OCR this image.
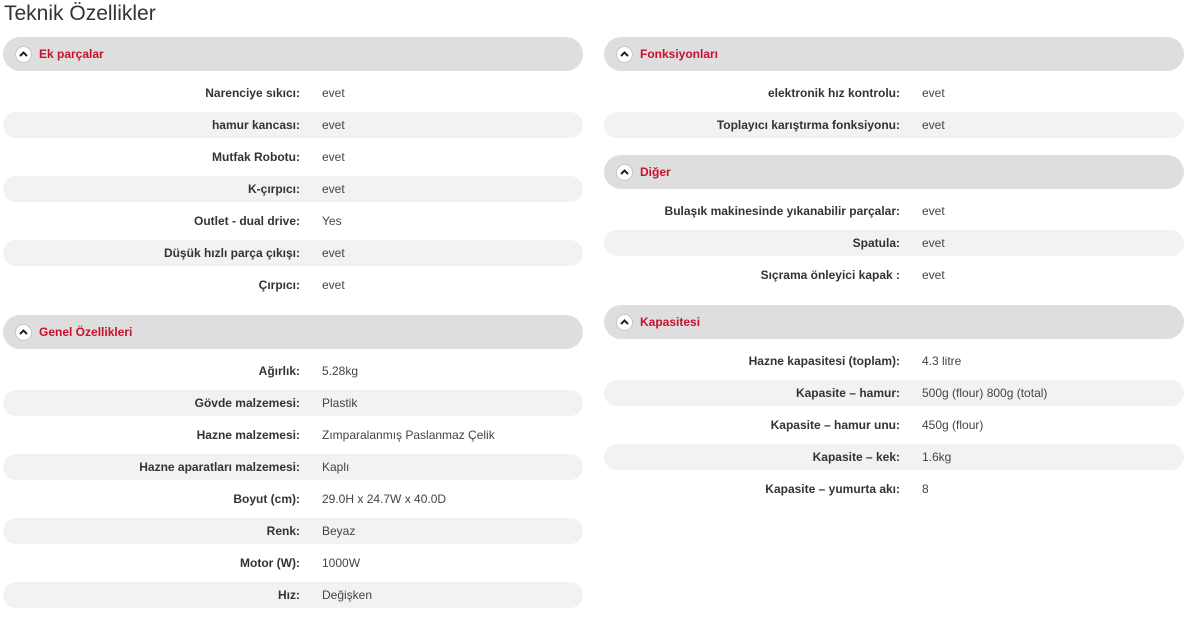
Teknik Özellikler
Ek parçalar
Narenciye sıkıcı: evet
hamur kancası: evet
Mutfak Robotu: evet
K-çırpıcı: evet
Outlet - dual drive: Yes
Düşük hızlı parça çıkışı: evet
Çırpıcı: evet
Genel Özellikleri
Ağırlık: 5.28kg
Gövde malzemesi: Plastik
Hazne malzemesi: Zımparalanmış Paslanmaz Çelik
Hazne aparatları malzemesi: Kaplı
Boyut (cm): 29.0H x 24.7W x 40.0D
Renk: Beyaz
Motor (W): 1000W
Hız: Değişken
Fonksiyonları
elektronik hız kontrolu: evet
Toplayıcı karıştırma fonksiyonu: evet
Diğer
Bulaşık makinesinde yıkanabilir parçalar: evet
Spatula: evet
Sıçrama önleyici kapak : evet
Kapasitesi
Hazne kapasitesi (toplam): 4.3 litre
Kapasite – hamur: 500g (flour) 800g (total)
Kapasite – hamur unu: 450g (flour)
Kapasite – kek: 1.6kg
Kapasite – yumurta akı: 8
